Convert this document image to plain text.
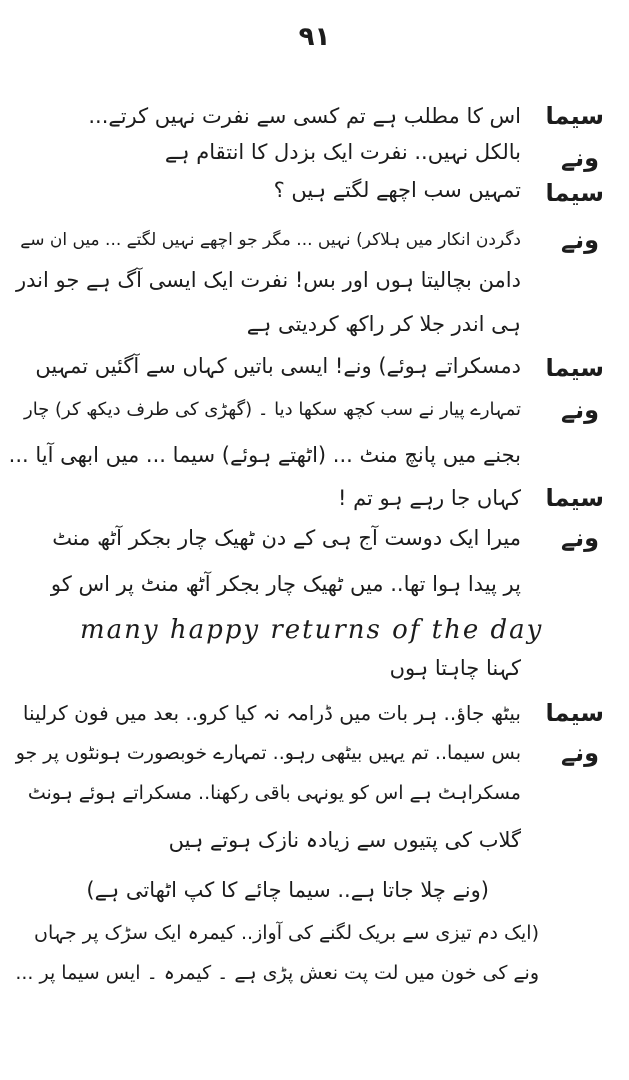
٩١
سیما
ونے
سیما
ونے
سیما
ونے
سیما
ونے
سیما
ونے
اس کا مطلب ہے تم کسی سے نفرت نہیں کرتے...
بالکل نہیں.. نفرت ایک بزدل کا انتقام ہے
تمہیں سب اچھے لگتے ہیں ؟
دگردن انکار میں ہلاکر) نہیں ... مگر جو اچھے نہیں لگتے ... میں ان سے
دامن بچالیتا ہوں اور بس! نفرت ایک ایسی آگ ہے جو اندر
ہی اندر جلا کر راکھ کردیتی ہے
دمسکراتے ہوئے) ونے! ایسی باتیں کہاں سے آگئیں تمہیں
تمہارے پیار نے سب کچھ سکھا دیا ۔ (گھڑی کی طرف دیکھ کر) چار
بجنے میں پانچ منٹ ... (اٹھتے ہوئے) سیما ... میں ابھی آیا ...
کہاں جا رہے ہو تم !
میرا ایک دوست آج ہی کے دن ٹھیک چار بجکر آٹھ منٹ
پر پیدا ہوا تھا.. میں ٹھیک چار بجکر آٹھ منٹ پر اس کو
many happy returns of the day
کہنا چاہتا ہوں
بیٹھ جاؤ.. ہر بات میں ڈرامہ نہ کیا کرو.. بعد میں فون کرلینا
بس سیما.. تم یہیں بیٹھی رہو.. تمہارے خوبصورت ہونٹوں پر جو
مسکراہٹ ہے اس کو یونہی باقی رکھنا.. مسکراتے ہوئے ہونٹ
گلاب کی پتیوں سے زیادہ نازک ہوتے ہیں
(ونے چلا جاتا ہے.. سیما چائے کا کپ اٹھاتی ہے)
(ایک دم تیزی سے بریک لگنے کی آواز.. کیمرہ ایک سڑک پر جہاں
ونے کی خون میں لت پت نعش پڑی ہے ۔ کیمرہ ۔ ایس سیما پر ...
